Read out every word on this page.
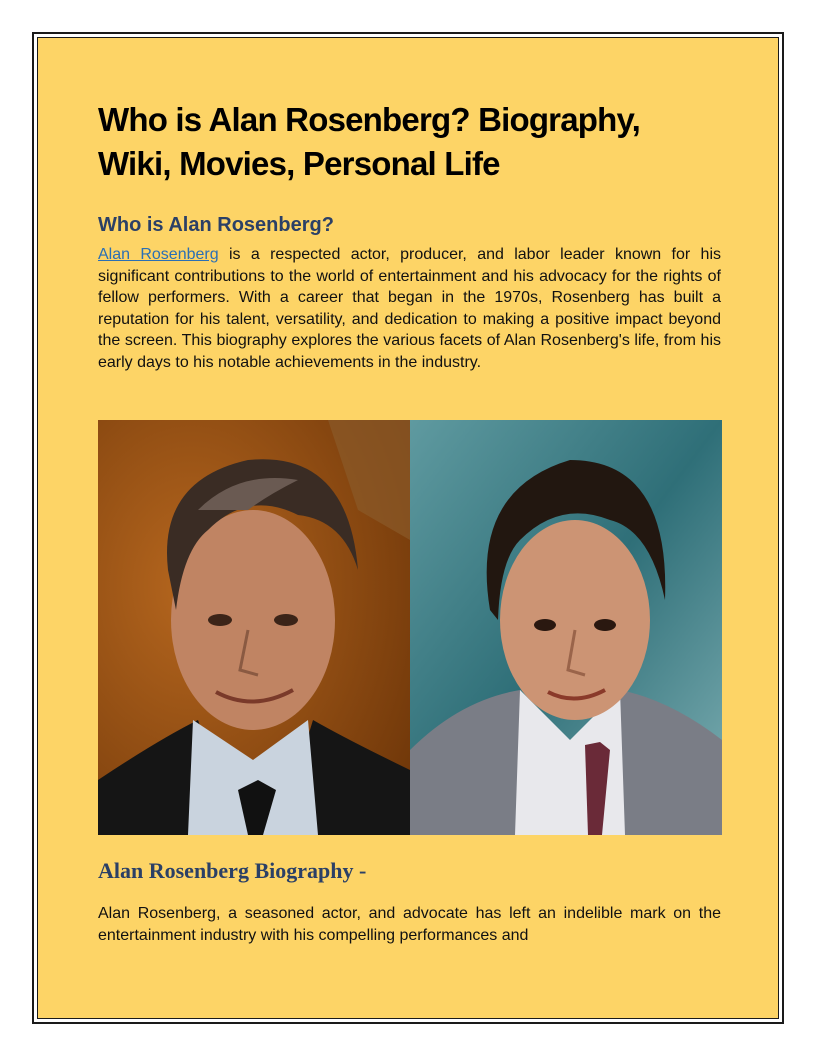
Who is Alan Rosenberg? Biography, Wiki, Movies, Personal Life
Who is Alan Rosenberg?

Alan Rosenberg is a respected actor, producer, and labor leader known for his significant contributions to the world of entertainment and his advocacy for the rights of fellow performers. With a career that began in the 1970s, Rosenberg has built a reputation for his talent, versatility, and dedication to making a positive impact beyond the screen. This biography explores the various facets of Alan Rosenberg's life, from his early days to his notable achievements in the industry.

Alan Rosenberg Biography -

Alan Rosenberg, a seasoned actor, and advocate has left an indelible mark on the entertainment industry with his compelling performances and
